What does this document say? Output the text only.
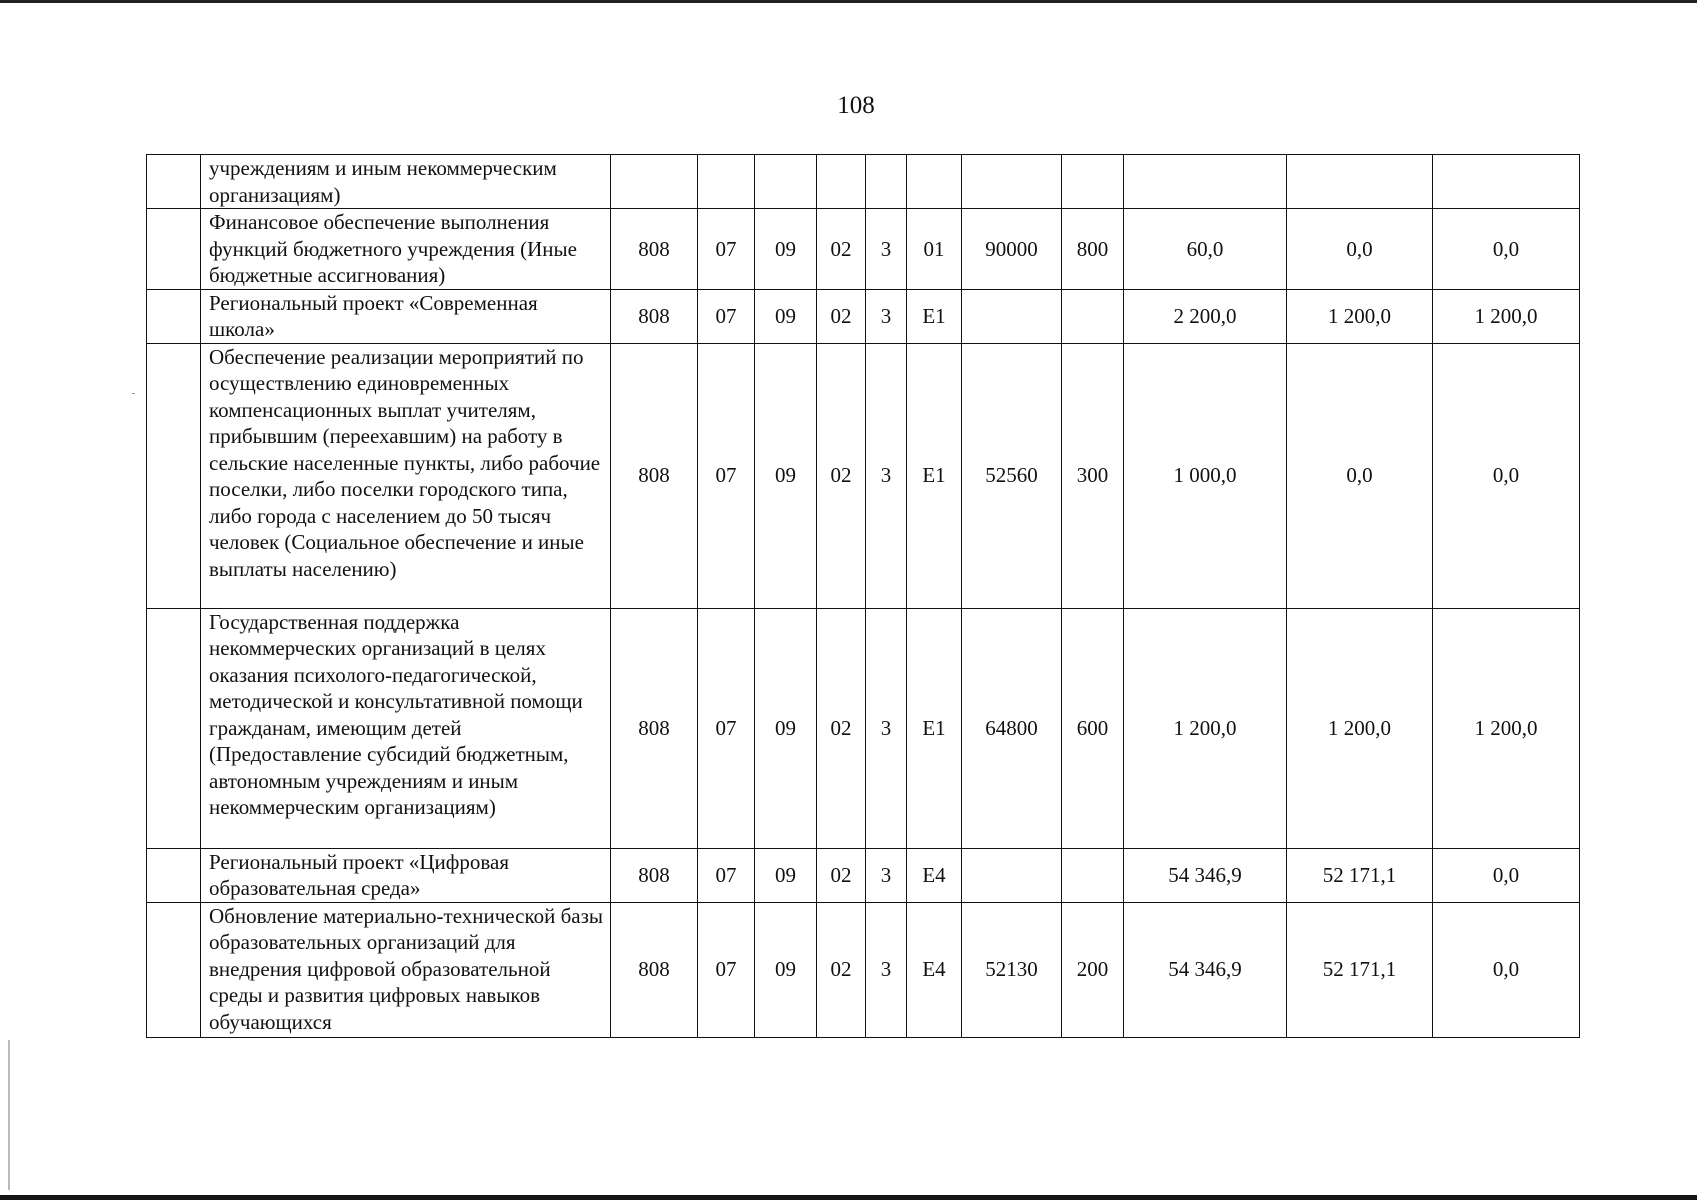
108
	учреждениям и иным некоммерческим организациям)											
	Финансовое обеспечение выполнения функций бюджетного учреждения (Иные бюджетные ассигнования)	808	07	09	02	3	01	90000	800	60,0	0,0	0,0
	Региональный проект «Современная школа»	808	07	09	02	3	E1			2 200,0	1 200,0	1 200,0
	Обеспечение реализации мероприятий по осуществлению единовременных компенсационных выплат учителям, прибывшим (переехавшим) на работу в сельские населенные пункты, либо рабочие поселки, либо поселки городского типа, либо города с населением до 50 тысяч человек (Социальное обеспечение и иные выплаты населению)	808	07	09	02	3	E1	52560	300	1 000,0	0,0	0,0
	Государственная поддержка некоммерческих организаций в целях оказания психолого-педагогической, методической и консультативной помощи гражданам, имеющим детей (Предоставление субсидий бюджетным, автономным учреждениям и иным некоммерческим организациям)	808	07	09	02	3	E1	64800	600	1 200,0	1 200,0	1 200,0
	Региональный проект «Цифровая образовательная среда»	808	07	09	02	3	E4			54 346,9	52 171,1	0,0
	Обновление материально-технической базы образовательных организаций для внедрения цифровой образовательной среды и развития цифровых навыков обучающихся	808	07	09	02	3	E4	52130	200	54 346,9	52 171,1	0,0
